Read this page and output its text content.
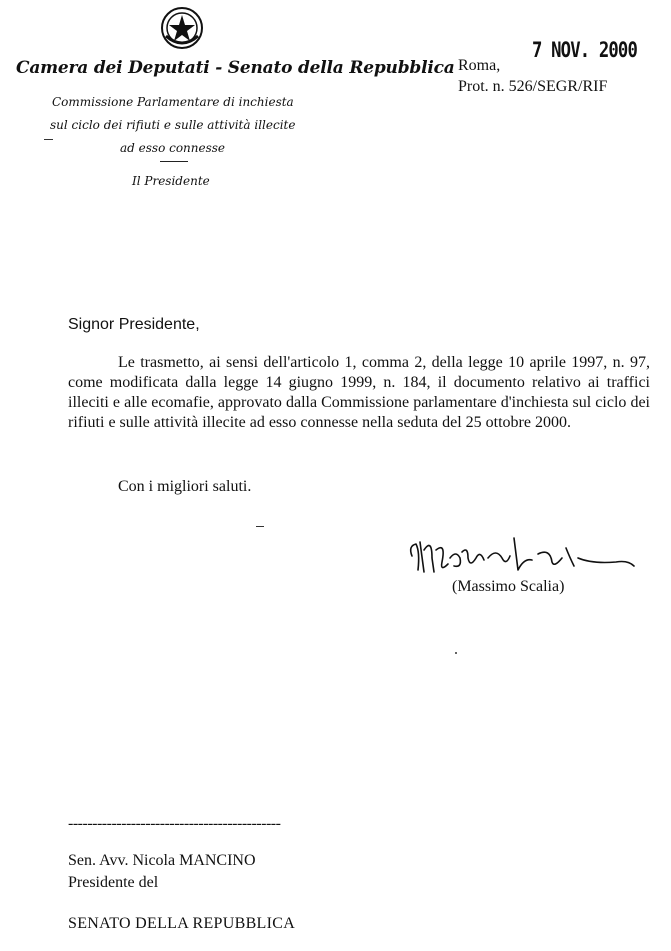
Camera dei Deputati - Senato della Repubblica
Commissione Parlamentare di inchiesta
sul ciclo dei rifiuti e sulle attività illecite
ad esso connesse
Il Presidente
7 NOV. 2000
Roma,
Prot. n. 526/SEGR/RIF
Signor Presidente,
Le trasmetto, ai sensi dell'articolo 1, comma 2, della legge 10 aprile 1997, n. 97, come modificata dalla legge 14 giugno 1999, n. 184, il documento relativo ai traffici illeciti e alle ecomafie, approvato dalla Commissione parlamentare d'inchiesta sul ciclo dei rifiuti e sulle attività illecite ad esso connesse nella seduta del 25 ottobre 2000.
Con i migliori saluti.
(Massimo Scalia)
--------------------------------------------
Sen. Avv. Nicola MANCINO
Presidente del
SENATO DELLA REPUBBLICA
